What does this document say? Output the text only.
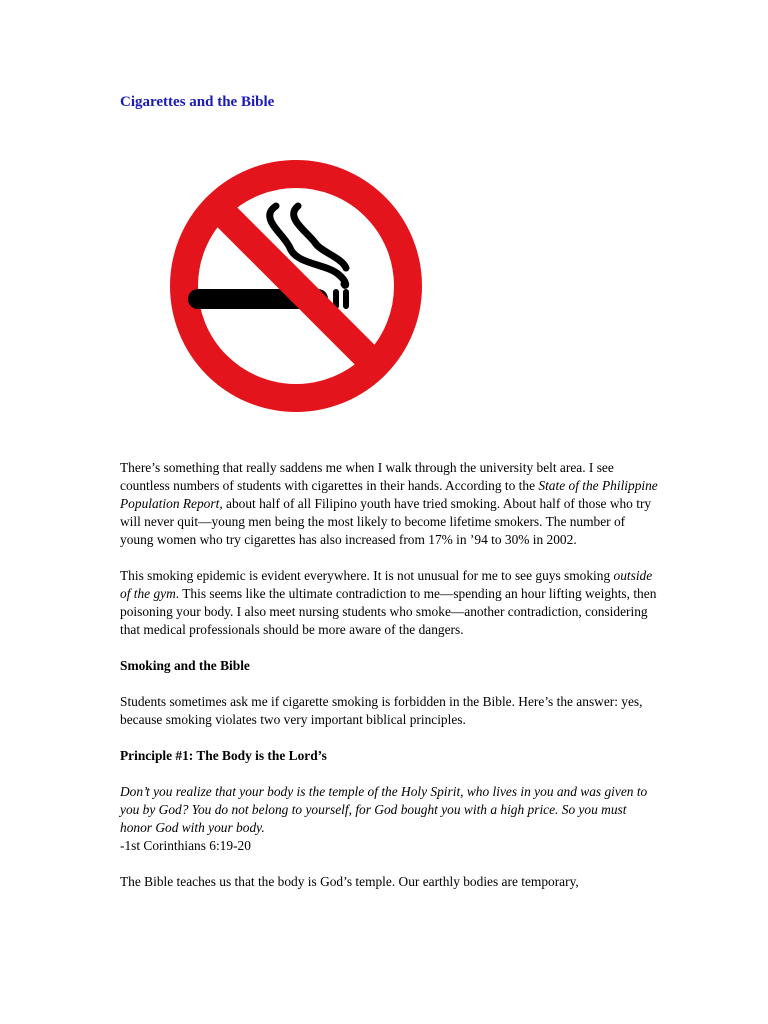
Cigarettes and the Bible

There’s something that really saddens me when I walk through the university belt area. I see countless numbers of students with cigarettes in their hands. According to the State of the Philippine Population Report, about half of all Filipino youth have tried smoking. About half of those who try will never quit—young men being the most likely to become lifetime smokers. The number of young women who try cigarettes has also increased from 17% in ’94 to 30% in 2002.

This smoking epidemic is evident everywhere. It is not unusual for me to see guys smoking outside of the gym. This seems like the ultimate contradiction to me—spending an hour lifting weights, then poisoning your body. I also meet nursing students who smoke—another contradiction, considering that medical professionals should be more aware of the dangers.

Smoking and the Bible

Students sometimes ask me if cigarette smoking is forbidden in the Bible. Here’s the answer: yes, because smoking violates two very important biblical principles.

Principle #1: The Body is the Lord’s

Don’t you realize that your body is the temple of the Holy Spirit, who lives in you and was given to you by God? You do not belong to yourself, for God bought you with a high price. So you must honor God with your body.
-1st Corinthians 6:19-20

The Bible teaches us that the body is God’s temple. Our earthly bodies are temporary,
